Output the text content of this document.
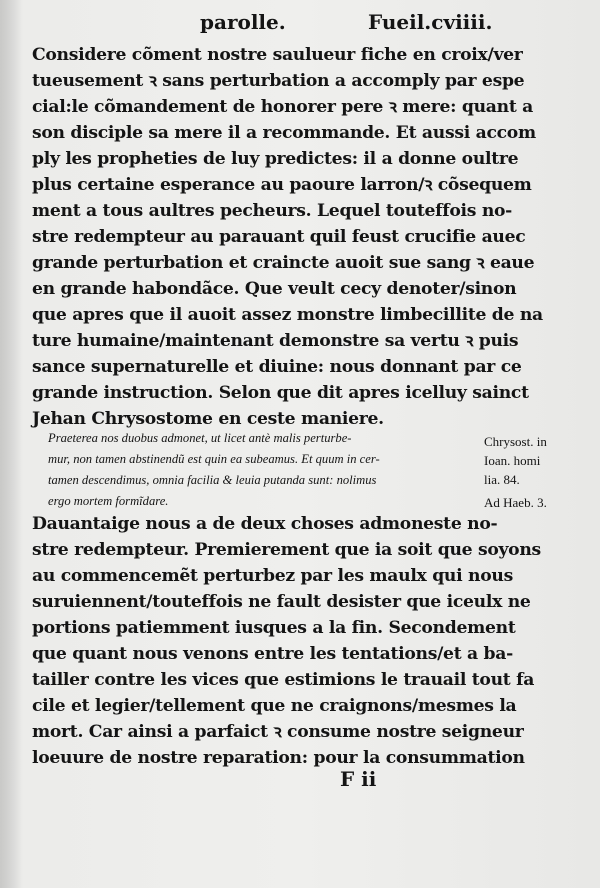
parolle.	Fueil.cviiii.
Considere cõment nostre saulueur fiche en croix/ver
tueusement ꝛ sans perturbation a accomply par espe
cial:le cõmandement de honorer pere ꝛ mere: quant a
son disciple sa mere il a recommande. Et aussi accom
ply les propheties de luy predictes: il a donne oultre
plus certaine esperance au paoure larron/ꝛ cõsequem
ment a tous aultres pecheurs. Lequel touteffois no-
stre redempteur au parauant quil feust crucifie auec
grande perturbation et craincte auoit sue sang ꝛ eaue
en grande habondãce. Que veult cecy denoter/sinon
que apres que il auoit assez monstre limbecillite de na
ture humaine/maintenant demonstre sa vertu ꝛ puis
sance supernaturelle et diuine: nous donnant par ce
grande instruction. Selon que dit apres icelluy sainct
Jehan Chrysostome en ceste maniere.
Praeterea nos duobus admonet, ut licet antè malis perturbe-
mur, non tamen abstinendũ est quin ea subeamus. Et quum in cer-
tamen descendimus, omnia facilia & leuia putanda sunt: nolimus
ergo mortem formĩdare.
Chrysost. in
Ioan. homi
lia. 84.
Ad Haeb. 3.
Dauantaige nous a de deux choses admoneste no-
stre redempteur. Premierement que ia soit que soyons
au commencemẽt perturbez par les maulx qui nous
suruiennent/touteffois ne fault desister que iceulx ne
portions patiemment iusques a la fin. Secondement
que quant nous venons entre les tentations/et a ba-
tailler contre les vices que estimions le trauail tout fa
cile et legier/tellement que ne craignons/mesmes la
mort. Car ainsi a parfaict ꝛ consume nostre seigneur
loeuure de nostre reparation: pour la consummation
F ii
